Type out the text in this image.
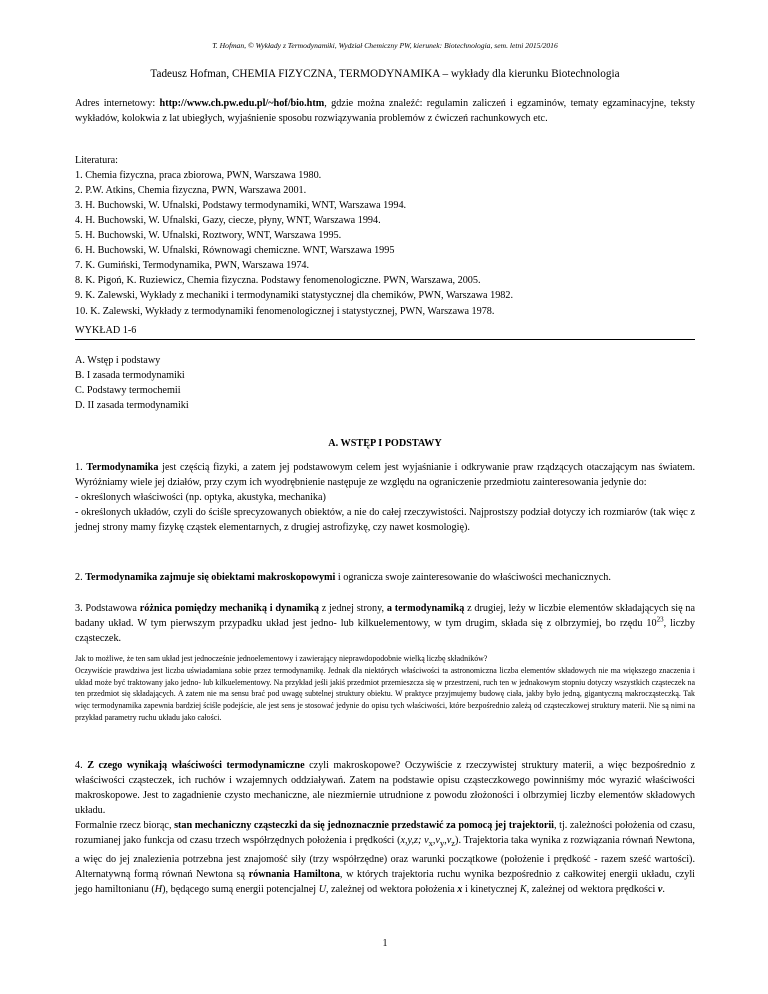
T. Hofman, © Wykłady z Termodynamiki, Wydział Chemiczny PW, kierunek: Biotechnologia, sem. letni 2015/2016
Tadeusz Hofman, CHEMIA FIZYCZNA, TERMODYNAMIKA – wykłady dla kierunku Biotechnologia

Adres internetowy: http://www.ch.pw.edu.pl/~hof/bio.htm, gdzie można znaleźć: regulamin zaliczeń i egzaminów, tematy egzaminacyjne, teksty wykładów, kolokwia z lat ubiegłych, wyjaśnienie sposobu rozwiązywania problemów z ćwiczeń rachunkowych etc.

Literatura:

1. Chemia fizyczna, praca zbiorowa, PWN, Warszawa 1980.
2. P.W. Atkins, Chemia fizyczna, PWN, Warszawa 2001.
3. H. Buchowski, W. Ufnalski, Podstawy termodynamiki, WNT, Warszawa 1994.
4. H. Buchowski, W. Ufnalski, Gazy, ciecze, płyny, WNT, Warszawa 1994.
5. H. Buchowski, W. Ufnalski, Roztwory, WNT, Warszawa 1995.
6. H. Buchowski, W. Ufnalski, Równowagi chemiczne. WNT, Warszawa 1995
7. K. Gumiński, Termodynamika, PWN, Warszawa 1974.
8. K. Pigoń, K. Ruziewicz, Chemia fizyczna. Podstawy fenomenologiczne. PWN, Warszawa, 2005.
9. K. Zalewski, Wykłady z mechaniki i termodynamiki statystycznej dla chemików, PWN, Warszawa 1982.
10. K. Zalewski, Wykłady z termodynamiki fenomenologicznej i statystycznej, PWN, Warszawa 1978.

WYKŁAD 1-6

A. Wstęp i podstawy
B. I zasada termodynamiki
C. Podstawy termochemii
D. II zasada termodynamiki
A. WSTĘP I PODSTAWY

1. Termodynamika jest częścią fizyki, a zatem jej podstawowym celem jest wyjaśnianie i odkrywanie praw rządzących otaczającym nas światem. Wyróżniamy wiele jej działów, przy czym ich wyodrębnienie następuje ze względu na ograniczenie przedmiotu zainteresowania jedynie do:

- określonych właściwości (np. optyka, akustyka, mechanika)

- określonych układów, czyli do ściśle sprecyzowanych obiektów, a nie do całej rzeczywistości. Najprostszy podział dotyczy ich rozmiarów (tak więc z jednej strony mamy fizykę cząstek elementarnych, z drugiej astrofizykę, czy nawet kosmologię).

2. Termodynamika zajmuje się obiektami makroskopowymi i ogranicza swoje zainteresowanie do właściwości mechanicznych.

3. Podstawowa różnica pomiędzy mechaniką i dynamiką z jednej strony, a termodynamiką z drugiej, leży w liczbie elementów składających się na badany układ. W tym pierwszym przypadku układ jest jedno- lub kilkuelementowy, w tym drugim, składa się z olbrzymiej, bo rzędu $10^{23}$, liczby cząsteczek.

Jak to możliwe, że ten sam układ jest jednocześnie jednoelementowy i zawierający nieprawdopodobnie wielką liczbę składników?

Oczywiście prawdziwa jest liczba uświadamiana sobie przez termodynamikę. Jednak dla niektórych właściwości ta astronomiczna liczba elementów składowych nie ma większego znaczenia i układ może być traktowany jako jedno- lub kilkuelementowy. Na przykład jeśli jakiś przedmiot przemieszcza się w przestrzeni, ruch ten w jednakowym stopniu dotyczy wszystkich cząsteczek na ten przedmiot się składających. A zatem nie ma sensu brać pod uwagę subtelnej struktury obiektu. W praktyce przyjmujemy budowę ciała, jakby było jedną, gigantyczną makrocząsteczką. Tak więc termodynamika zapewnia bardziej ściśle podejście, ale jest sens je stosować jedynie do opisu tych właściwości, które bezpośrednio zależą od cząsteczkowej struktury materii. Nie są nimi na przykład parametry ruchu układu jako całości.

4. Z czego wynikają właściwości termodynamiczne czyli makroskopowe? Oczywiście z rzeczywistej struktury materii, a więc bezpośrednio z właściwości cząsteczek, ich ruchów i wzajemnych oddziaływań. Zatem na podstawie opisu cząsteczkowego powinniśmy móc wyrazić właściwości makroskopowe. Jest to zagadnienie czysto mechaniczne, ale niezmiernie utrudnione z powodu złożoności i olbrzymiej liczby elementów składowych układu.

Formalnie rzecz biorąc, stan mechaniczny cząsteczki da się jednoznacznie przedstawić za pomocą jej trajektorii, tj. zależności położenia od czasu, rozumianej jako funkcja od czasu trzech współrzędnych położenia i prędkości (x,y,z; $v_x,v_y,v_z$). Trajektoria taka wynika z rozwiązania równań Newtona, a więc do jej znalezienia potrzebna jest znajomość siły (trzy współrzędne) oraz warunki początkowe (położenie i prędkość - razem sześć wartości). Alternatywną formą równań Newtona są równania Hamiltona, w których trajektoria ruchu wynika bezpośrednio z całkowitej energii układu, czyli jego hamiltonianu (H), będącego sumą energii potencjalnej U, zależnej od wektora położenia x i kinetycznej K, zależnej od wektora prędkości v.

1
